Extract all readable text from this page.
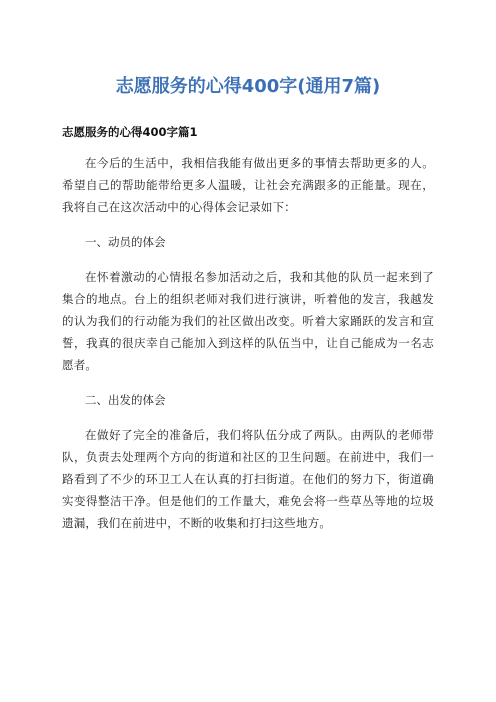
志愿服务的心得400字(通用7篇)
志愿服务的心得400字篇1

在今后的生活中，我相信我能有做出更多的事情去帮助更多的人。希望自己的帮助能带给更多人温暖，让社会充满跟多的正能量。现在，我将自己在这次活动中的心得体会记录如下：

一、动员的体会

在怀着激动的心情报名参加活动之后，我和其他的队员一起来到了集合的地点。台上的组织老师对我们进行演讲，听着他的发言，我越发的认为我们的行动能为我们的社区做出改变。听着大家踊跃的发言和宣誓，我真的很庆幸自己能加入到这样的队伍当中，让自己能成为一名志愿者。

二、出发的体会

在做好了完全的准备后，我们将队伍分成了两队。由两队的老师带队，负责去处理两个方向的街道和社区的卫生问题。在前进中，我们一路看到了不少的环卫工人在认真的打扫街道。在他们的努力下，街道确实变得整洁干净。但是他们的工作量大，难免会将一些草丛等地的垃圾遗漏，我们在前进中，不断的收集和打扫这些地方。
